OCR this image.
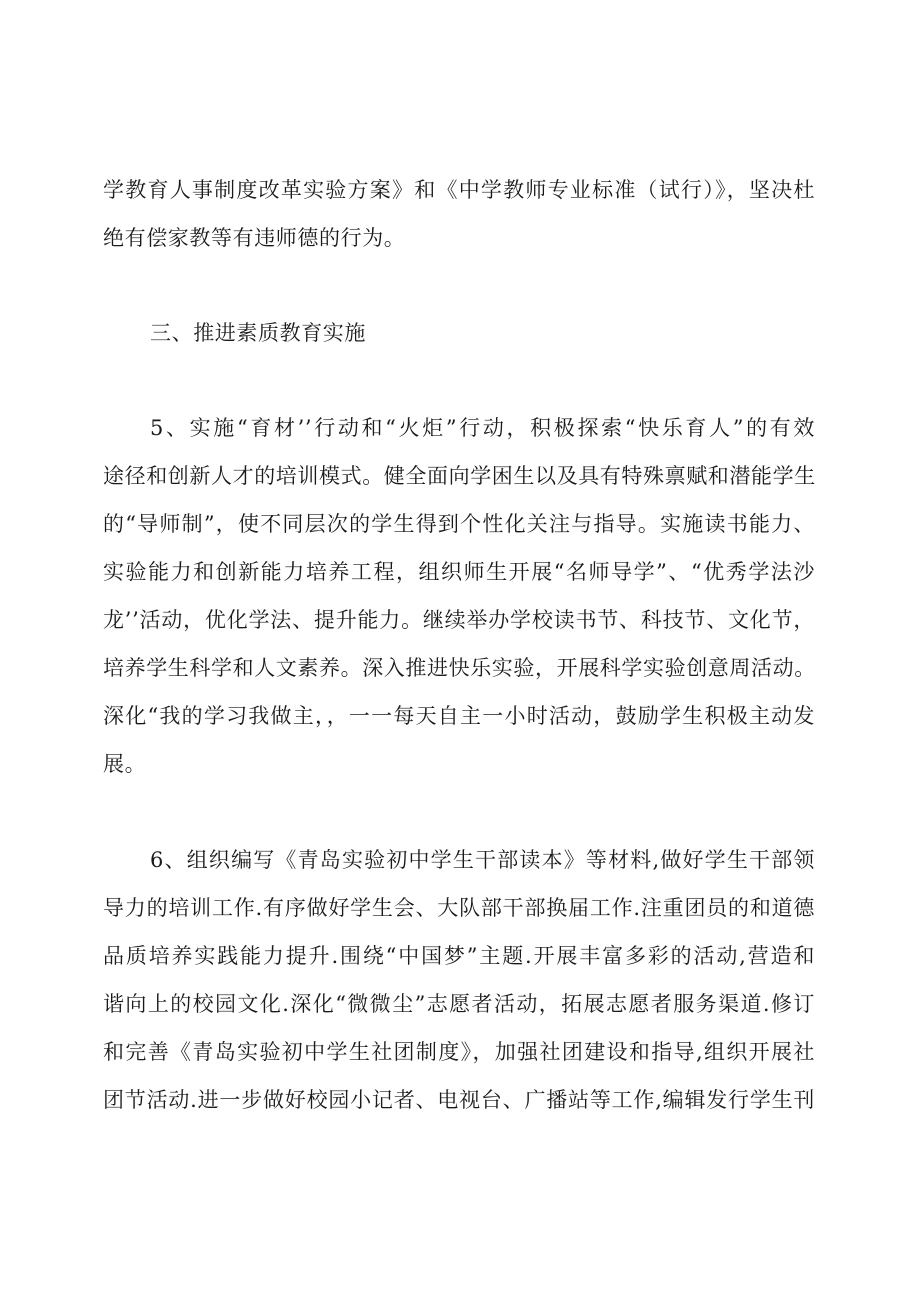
学教育人事制度改革实验方案》和《中学教师专业标准（试行）》，坚决杜
绝有偿家教等有违师德的行为。
三、推进素质教育实施
5、实施“育材’’行动和“火炬”行动，积极探索“快乐育人”的有效
途径和创新人才的培训模式。健全面向学困生以及具有特殊禀赋和潜能学生
的“导师制”，使不同层次的学生得到个性化关注与指导。实施读书能力、
实验能力和创新能力培养工程，组织师生开展“名师导学”、“优秀学法沙
龙’’活动，优化学法、提升能力。继续举办学校读书节、科技节、文化节，
培养学生科学和人文素养。深入推进快乐实验，开展科学实验创意周活动。
深化“我的学习我做主，，一一每天自主一小时活动，鼓励学生积极主动发
展。
6、组织编写《青岛实验初中学生干部读本》等材料,做好学生干部领
导力的培训工作.有序做好学生会、大队部干部换届工作.注重团员的和道德
品质培养实践能力提升.围绕“中国梦”主题.开展丰富多彩的活动,营造和
谐向上的校园文化.深化“微微尘”志愿者活动，拓展志愿者服务渠道.修订
和完善《青岛实验初中学生社团制度》，加强社团建设和指导,组织开展社
团节活动.进一步做好校园小记者、电视台、广播站等工作,编辑发行学生刊
